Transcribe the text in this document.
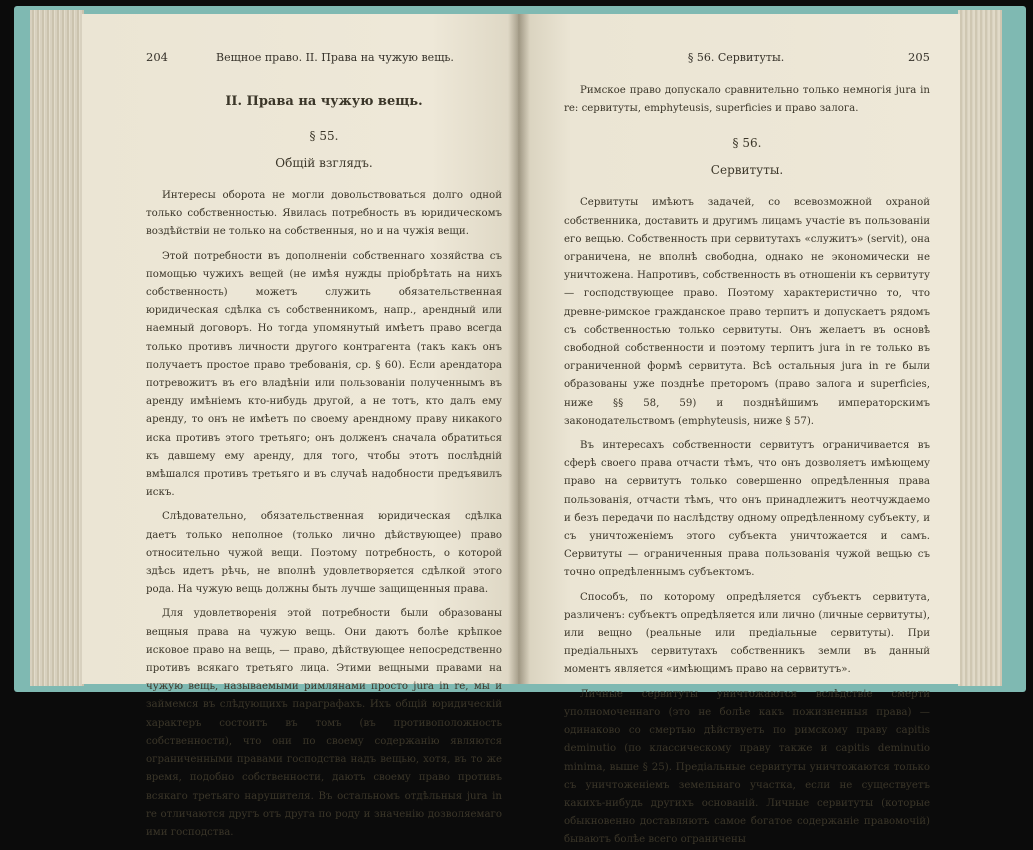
204	Вещное право. II. Права на чужую вещь.
II. Права на чужую вещь.
§ 55.
Общій взглядъ.

Интересы оборота не могли довольствоваться долго одной только собственностью. Явилась потребность въ юридическомъ воздѣйствіи не только на собственныя, но и на чужія вещи.

Этой потребности въ дополненіи собственнаго хозяйства съ помощью чужихъ вещей (не имѣя нужды пріобрѣтать на нихъ собственность) можетъ служить обязательственная юридическая сдѣлка съ собственникомъ, напр., арендный или наемный договоръ. Но тогда упомянутый имѣетъ право всегда только противъ личности другого контрагента (такъ какъ онъ получаетъ простое право требованія, ср. § 60). Если арендатора потревожитъ въ его владѣніи или пользованіи полученнымъ въ аренду имѣніемъ кто-нибудь другой, а не тотъ, кто далъ ему аренду, то онъ не имѣетъ по своему арендному праву никакого иска противъ этого третьяго; онъ долженъ сначала обратиться къ давшему ему аренду, для того, чтобы этотъ послѣдній вмѣшался противъ третьяго и въ случаѣ надобности предъявилъ искъ.

Слѣдовательно, обязательственная юридическая сдѣлка даетъ только неполное (только лично дѣйствующее) право относительно чужой вещи. Поэтому потребность, о которой здѣсь идетъ рѣчь, не вполнѣ удовлетворяется сдѣлкой этого рода. На чужую вещь должны быть лучше защищенныя права.

Для удовлетворенія этой потребности были образованы вещныя права на чужую вещь. Они даютъ болѣе крѣпкое исковое право на вещь, — право, дѣйствующее непосредственно противъ всякаго третьяго лица. Этими вещными правами на чужую вещь, называемыми римлянами просто jura in re, мы и займемся въ слѣдующихъ параграфахъ. Ихъ общій юридическій характеръ состоитъ въ томъ (въ противоположность собственности), что они по своему содержанію являются ограниченными правами господства надъ вещью, хотя, въ то же время, подобно собственности, даютъ своему право противъ всякаго третьяго нарушителя. Въ остальномъ отдѣльныя jura in re отличаются другъ отъ друга по роду и значенію дозволяемаго ими господства.

§ 56. Сервитуты.	205

Римское право допускало сравнительно только немногія jura in re: сервитуты, emphyteusis, superficies и право залога.

§ 56.
Сервитуты.

Сервитуты имѣютъ задачей, со всевозможной охраной собственника, доставить и другимъ лицамъ участіе въ пользованіи его вещью. Собственность при сервитутахъ «служитъ» (servit), она ограничена, не вполнѣ свободна, однако не экономически не уничтожена. Напротивъ, собственность въ отношеніи къ сервитуту — господствующее право. Поэтому характеристично то, что древне-римское гражданское право терпитъ и допускаетъ рядомъ съ собственностью только сервитуты. Онъ желаетъ въ основѣ свободной собственности и поэтому терпитъ jura in re только въ ограниченной формѣ сервитута. Всѣ остальныя jura in re были образованы уже позднѣе преторомъ (право залога и superficies, ниже §§ 58, 59) и позднѣйшимъ императорскимъ законодательствомъ (emphyteusis, ниже § 57).

Въ интересахъ собственности сервитутъ ограничивается въ сферѣ своего права отчасти тѣмъ, что онъ дозволяетъ имѣющему право на сервитутъ только совершенно опредѣленныя права пользованія, отчасти тѣмъ, что онъ принадлежитъ неотчуждаемо и безъ передачи по наслѣдству одному опредѣленному субъекту, и съ уничтоженіемъ этого субъекта уничтожается и самъ. Сервитуты — ограниченныя права пользованія чужой вещью съ точно опредѣленнымъ субъектомъ.

Способъ, по которому опредѣляется субъектъ сервитута, различенъ: субъектъ опредѣляется или лично (личные сервитуты), или вещно (реальные или предіальные сервитуты). При предіальныхъ сервитутахъ собственникъ земли въ данный моментъ является «имѣющимъ право на сервитутъ».

Личные сервитуты уничтожаются вслѣдствіе смерти уполномоченнаго (это не болѣе какъ пожизненныя права) — одинаково со смертью дѣйствуетъ по римскому праву capitis deminutio (по классическому праву также и capitis deminutio minima, выше § 25). Предіальные сервитуты уничтожаются только съ уничтоженіемъ земельнаго участка, если не существуетъ какихъ-нибудь другихъ основаній. Личные сервитуты (которые обыкновенно доставляютъ самое богатое содержаніе правомочій) бываютъ болѣе всего ограничены
